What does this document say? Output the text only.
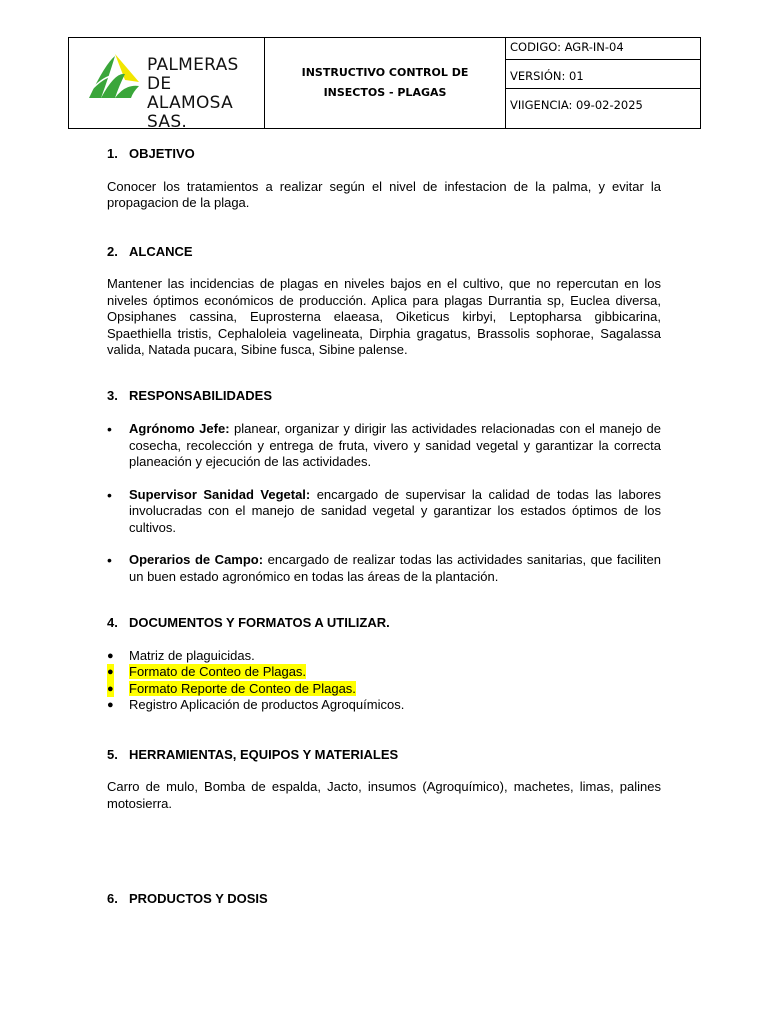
PALMERAS DE
ALAMOSA SAS.
INSTRUCTIVO CONTROL DE INSECTOS - PLAGAS
CODIGO: AGR-IN-04
VERSIÓN: 01
VIIGENCIA: 09-02-2025
1. OBJETIVO

Conocer los tratamientos a realizar según el nivel de infestacion de la palma, y evitar la propagacion de la plaga.

2. ALCANCE

Mantener las incidencias de plagas en niveles bajos en el cultivo, que no repercutan en los niveles óptimos económicos de producción. Aplica para plagas Durrantia sp, Euclea diversa, Opsiphanes cassina, Euprosterna elaeasa, Oiketicus kirbyi, Leptopharsa gibbicarina, Spaethiella tristis, Cephaloleia vagelineata, Dirphia gragatus, Brassolis sophorae, Sagalassa valida, Natada pucara, Sibine fusca, Sibine palense.

3. RESPONSABILIDADES
• Agrónomo Jefe: planear, organizar y dirigir las actividades relacionadas con el manejo de cosecha, recolección y entrega de fruta, vivero y sanidad vegetal y garantizar la correcta planeación y ejecución de las actividades.
• Supervisor Sanidad Vegetal: encargado de supervisar la calidad de todas las labores involucradas con el manejo de sanidad vegetal y garantizar los estados óptimos de los cultivos.
• Operarios de Campo: encargado de realizar todas las actividades sanitarias, que faciliten un buen estado agronómico en todas las áreas de la plantación.
4. DOCUMENTOS Y FORMATOS A UTILIZAR.
● Matriz de plaguicidas.
● Formato de Conteo de Plagas.
● Formato Reporte de Conteo de Plagas.
● Registro Aplicación de productos Agroquímicos.
5. HERRAMIENTAS, EQUIPOS Y MATERIALES

Carro de mulo, Bomba de espalda, Jacto, insumos (Agroquímico), machetes, limas, palines motosierra.

6. PRODUCTOS Y DOSIS
